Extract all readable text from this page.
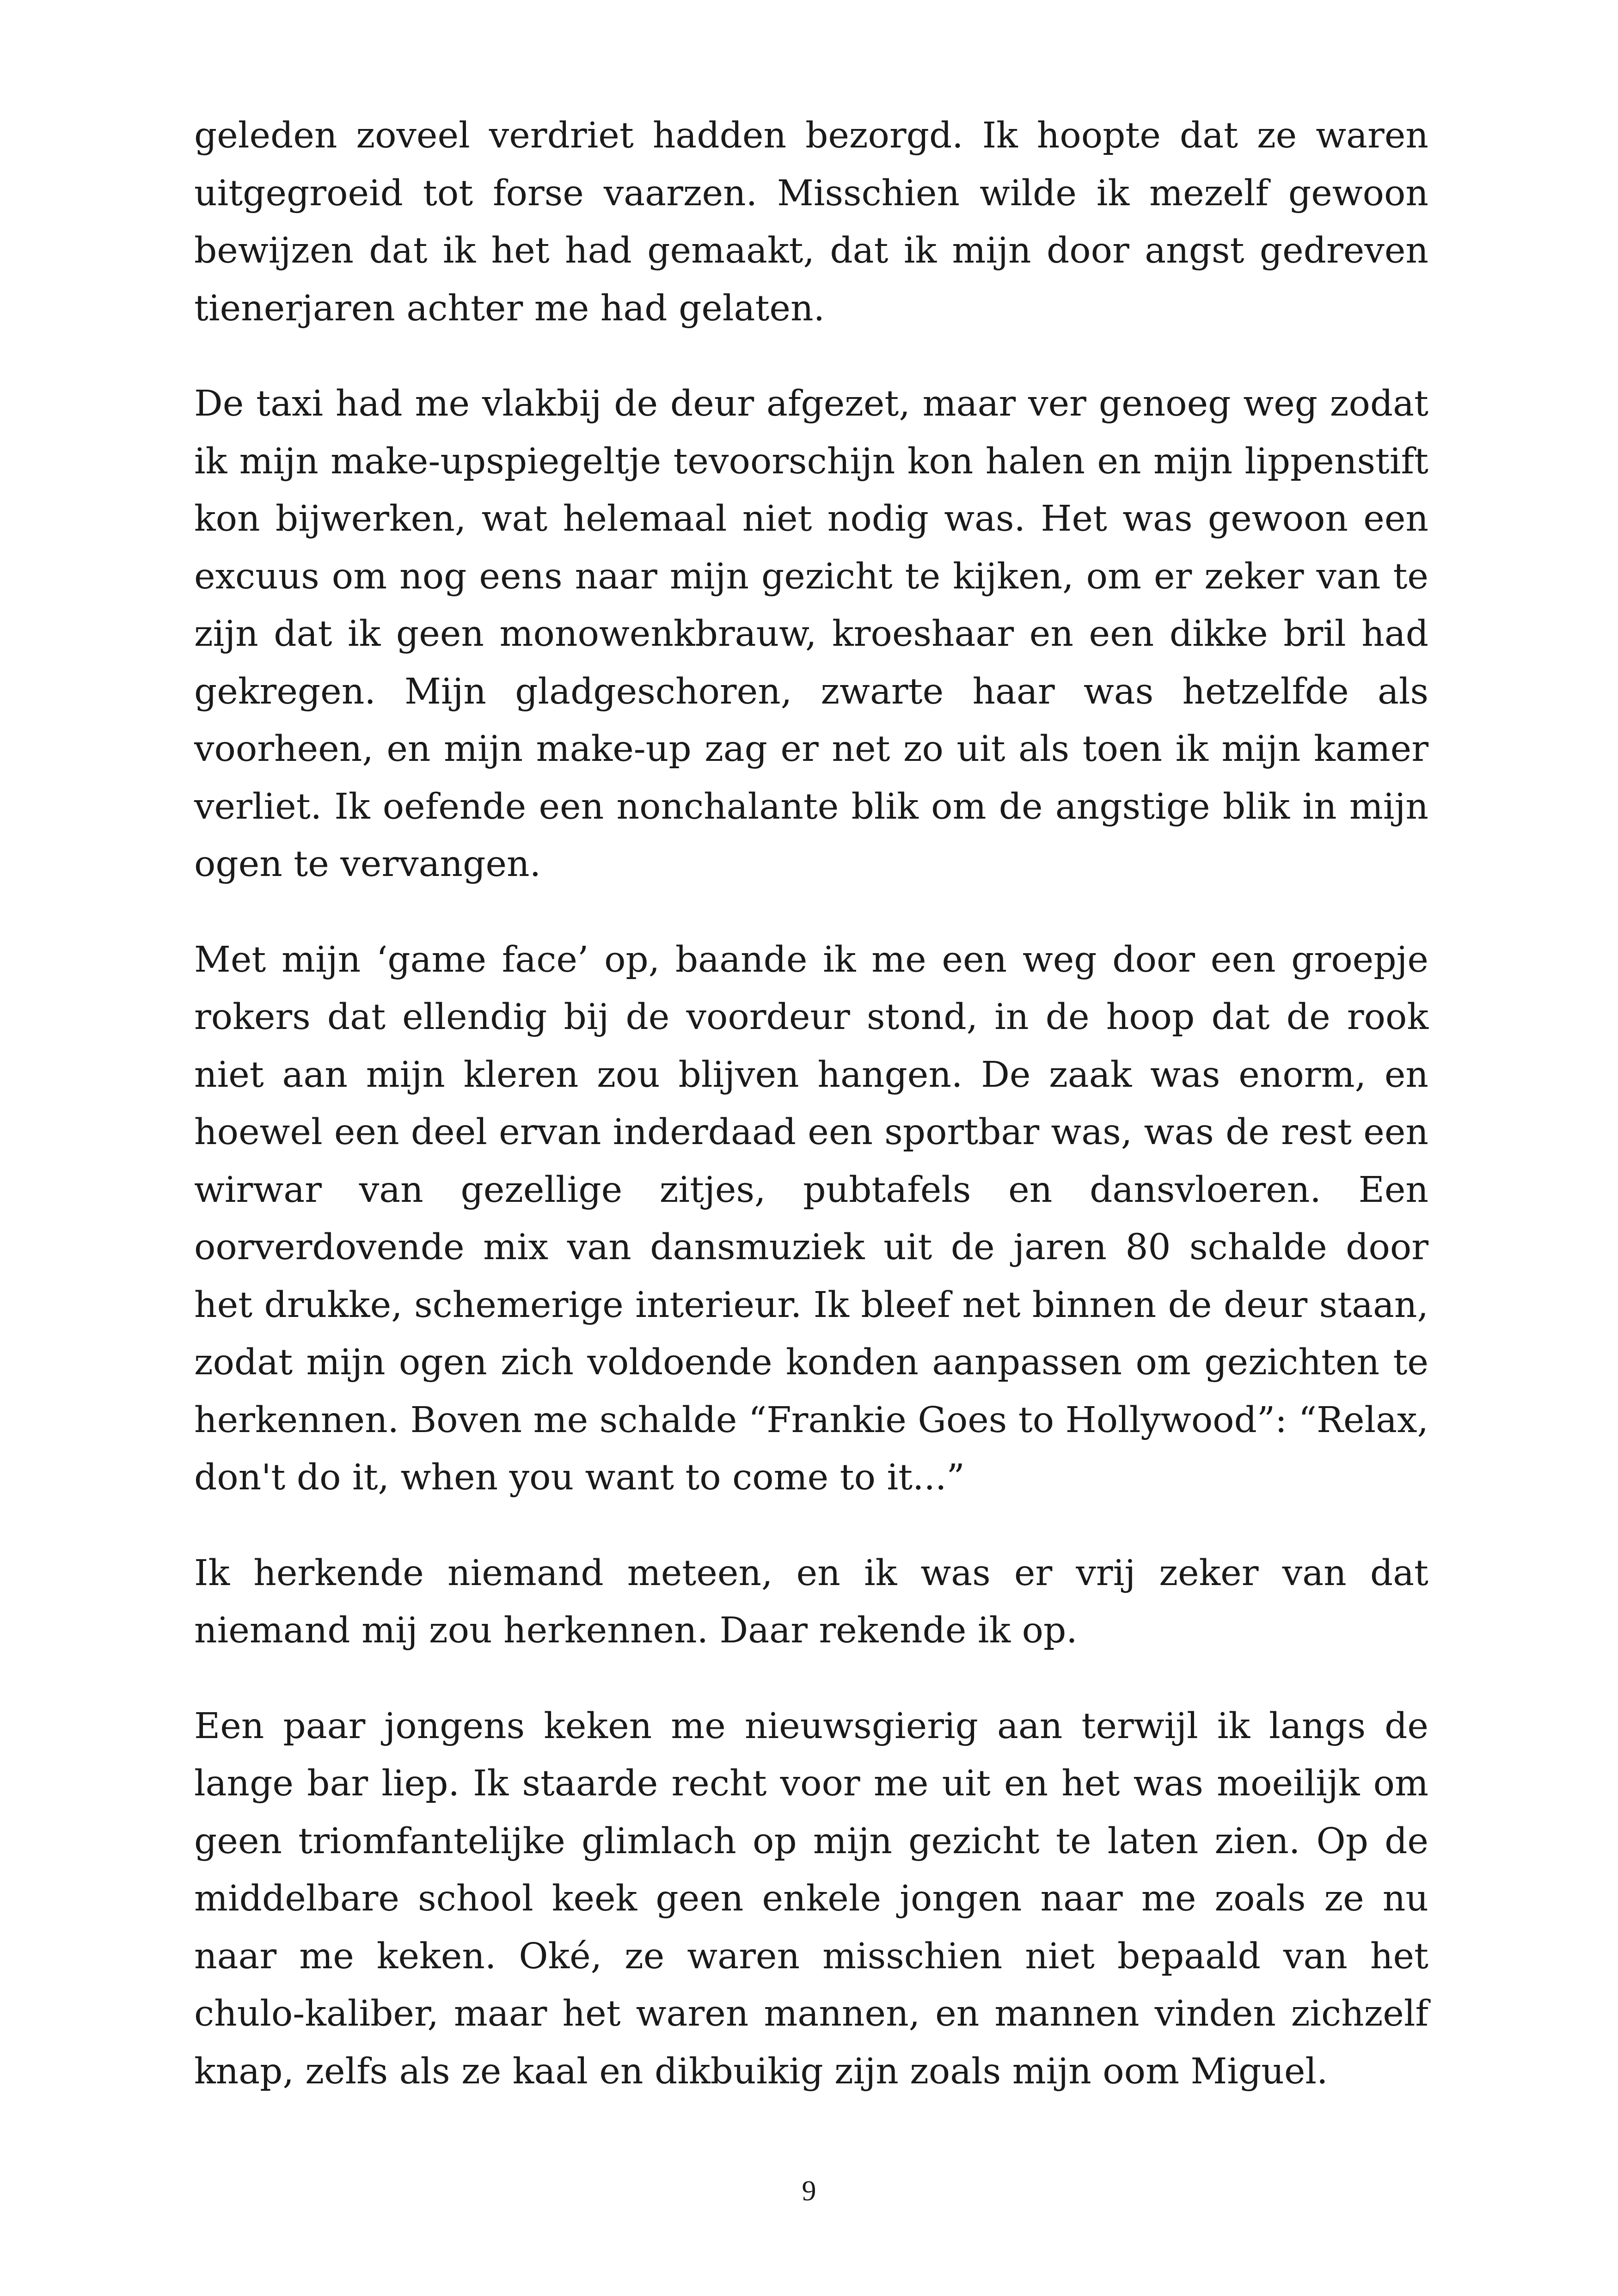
geleden zoveel verdriet hadden bezorgd. Ik hoopte dat ze waren uitgegroeid tot forse vaarzen. Misschien wilde ik mezelf gewoon bewijzen dat ik het had gemaakt, dat ik mijn door angst gedreven tienerjaren achter me had gelaten.

De taxi had me vlakbij de deur afgezet, maar ver genoeg weg zodat ik mijn make-upspiegeltje tevoorschijn kon halen en mijn lippenstift kon bijwerken, wat helemaal niet nodig was. Het was gewoon een excuus om nog eens naar mijn gezicht te kijken, om er zeker van te zijn dat ik geen monowenkbrauw, kroeshaar en een dikke bril had gekregen. Mijn gladgeschoren, zwarte haar was hetzelfde als voorheen, en mijn make-up zag er net zo uit als toen ik mijn kamer verliet. Ik oefende een nonchalante blik om de angstige blik in mijn ogen te vervangen.

Met mijn ‘game face’ op, baande ik me een weg door een groepje rokers dat ellendig bij de voordeur stond, in de hoop dat de rook niet aan mijn kleren zou blijven hangen. De zaak was enorm, en hoewel een deel ervan inderdaad een sportbar was, was de rest een wirwar van gezellige zitjes, pubtafels en dansvloeren. Een oorverdovende mix van dansmuziek uit de jaren 80 schalde door het drukke, schemerige interieur. Ik bleef net binnen de deur staan, zodat mijn ogen zich voldoende konden aanpassen om gezichten te herkennen. Boven me schalde “Frankie Goes to Hollywood”: “Relax, don't do it, when you want to come to it...”

Ik herkende niemand meteen, en ik was er vrij zeker van dat niemand mij zou herkennen. Daar rekende ik op.

Een paar jongens keken me nieuwsgierig aan terwijl ik langs de lange bar liep. Ik staarde recht voor me uit en het was moeilijk om geen triomfantelijke glimlach op mijn gezicht te laten zien. Op de middelbare school keek geen enkele jongen naar me zoals ze nu naar me keken. Oké, ze waren misschien niet bepaald van het chulo-kaliber, maar het waren mannen, en mannen vinden zichzelf knap, zelfs als ze kaal en dikbuikig zijn zoals mijn oom Miguel.

9
